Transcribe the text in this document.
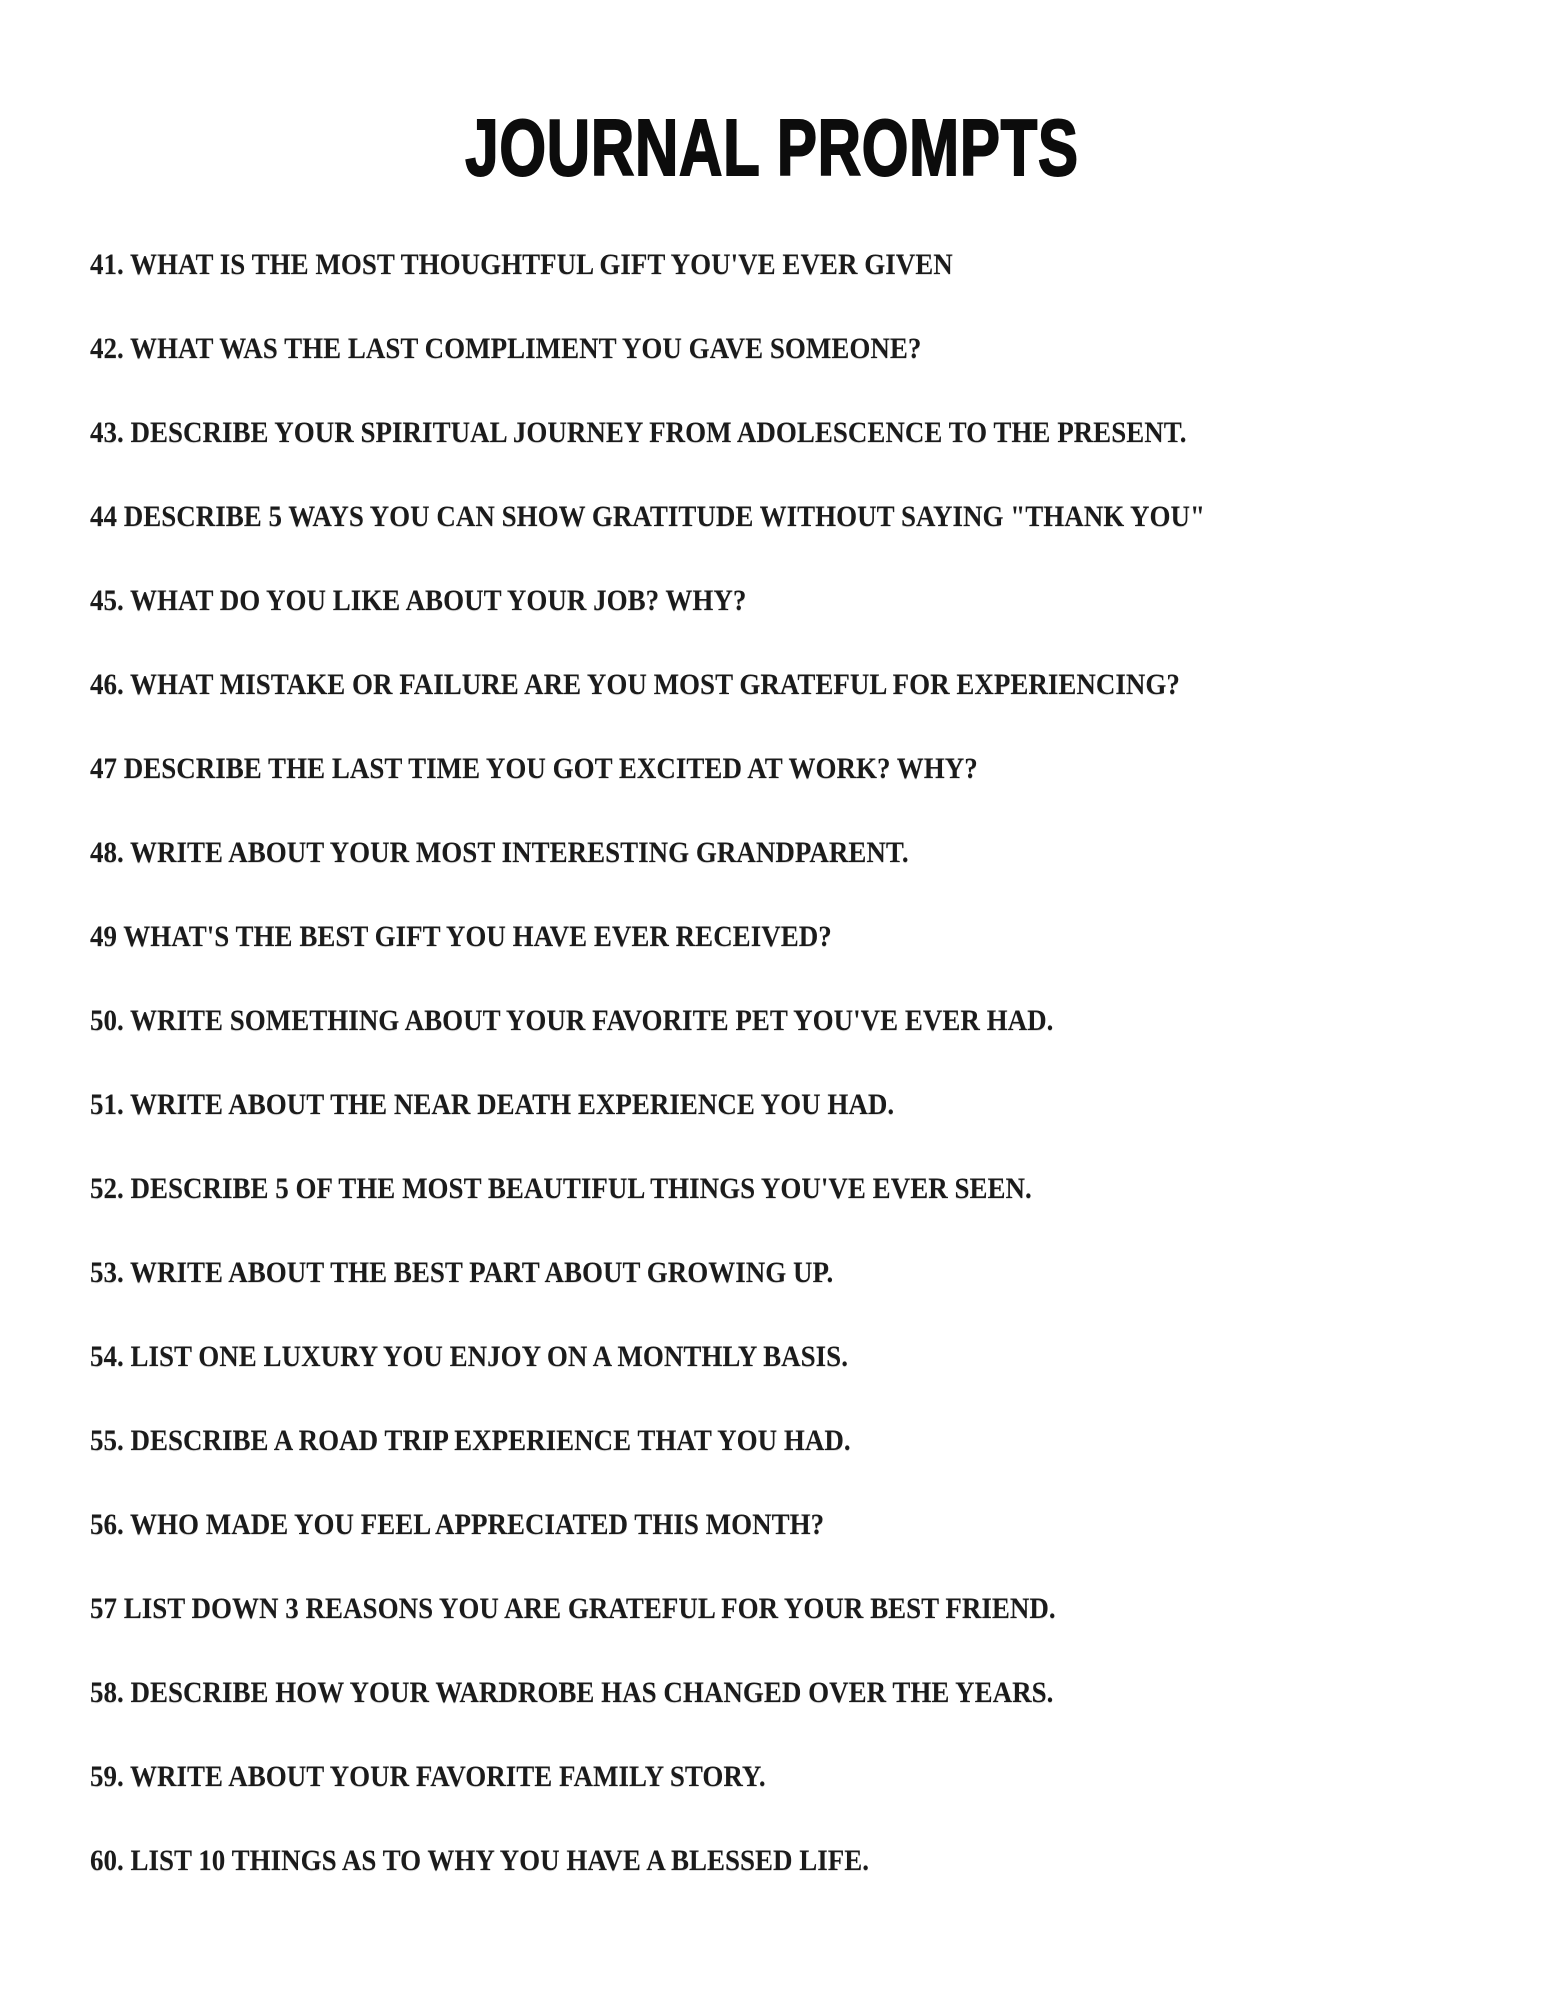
JOURNAL PROMPTS
41. WHAT IS THE MOST THOUGHTFUL GIFT YOU'VE EVER GIVEN
42. WHAT WAS THE LAST COMPLIMENT YOU GAVE SOMEONE?
43. DESCRIBE YOUR SPIRITUAL JOURNEY FROM ADOLESCENCE TO THE PRESENT.
44 DESCRIBE 5 WAYS YOU CAN SHOW GRATITUDE WITHOUT SAYING "THANK YOU"
45. WHAT DO YOU LIKE ABOUT YOUR JOB? WHY?
46. WHAT MISTAKE OR FAILURE ARE YOU MOST GRATEFUL FOR EXPERIENCING?
47 DESCRIBE THE LAST TIME YOU GOT EXCITED AT WORK? WHY?
48. WRITE ABOUT YOUR MOST INTERESTING GRANDPARENT.
49 WHAT'S THE BEST GIFT YOU HAVE EVER RECEIVED?
50. WRITE SOMETHING ABOUT YOUR FAVORITE PET YOU'VE EVER HAD.
51. WRITE ABOUT THE NEAR DEATH EXPERIENCE YOU HAD.
52. DESCRIBE 5 OF THE MOST BEAUTIFUL THINGS YOU'VE EVER SEEN.
53. WRITE ABOUT THE BEST PART ABOUT GROWING UP.
54. LIST ONE LUXURY YOU ENJOY ON A MONTHLY BASIS.
55. DESCRIBE A ROAD TRIP EXPERIENCE THAT YOU HAD.
56. WHO MADE YOU FEEL APPRECIATED THIS MONTH?
57 LIST DOWN 3 REASONS YOU ARE GRATEFUL FOR YOUR BEST FRIEND.
58. DESCRIBE HOW YOUR WARDROBE HAS CHANGED OVER THE YEARS.
59. WRITE ABOUT YOUR FAVORITE FAMILY STORY.
60. LIST 10 THINGS AS TO WHY YOU HAVE A BLESSED LIFE.
